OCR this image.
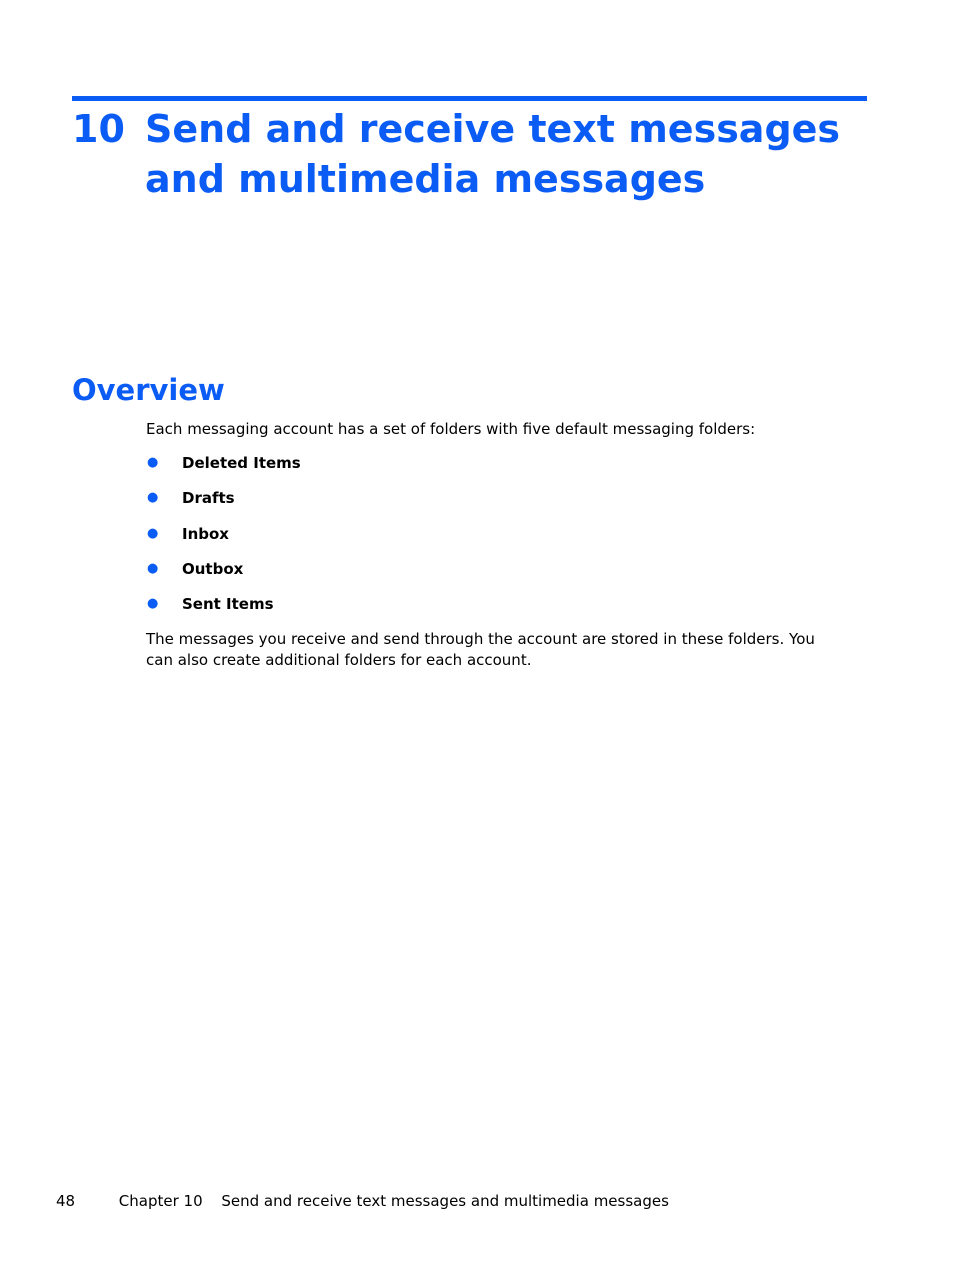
10 Send and receive text messages and multimedia messages
Overview

Each messaging account has a set of folders with five default messaging folders:

●	Deleted Items
●	Drafts
●	Inbox
●	Outbox
●	Sent Items

The messages you receive and send through the account are stored in these folders. You can also create additional folders for each account.

48	Chapter 10 Send and receive text messages and multimedia messages
